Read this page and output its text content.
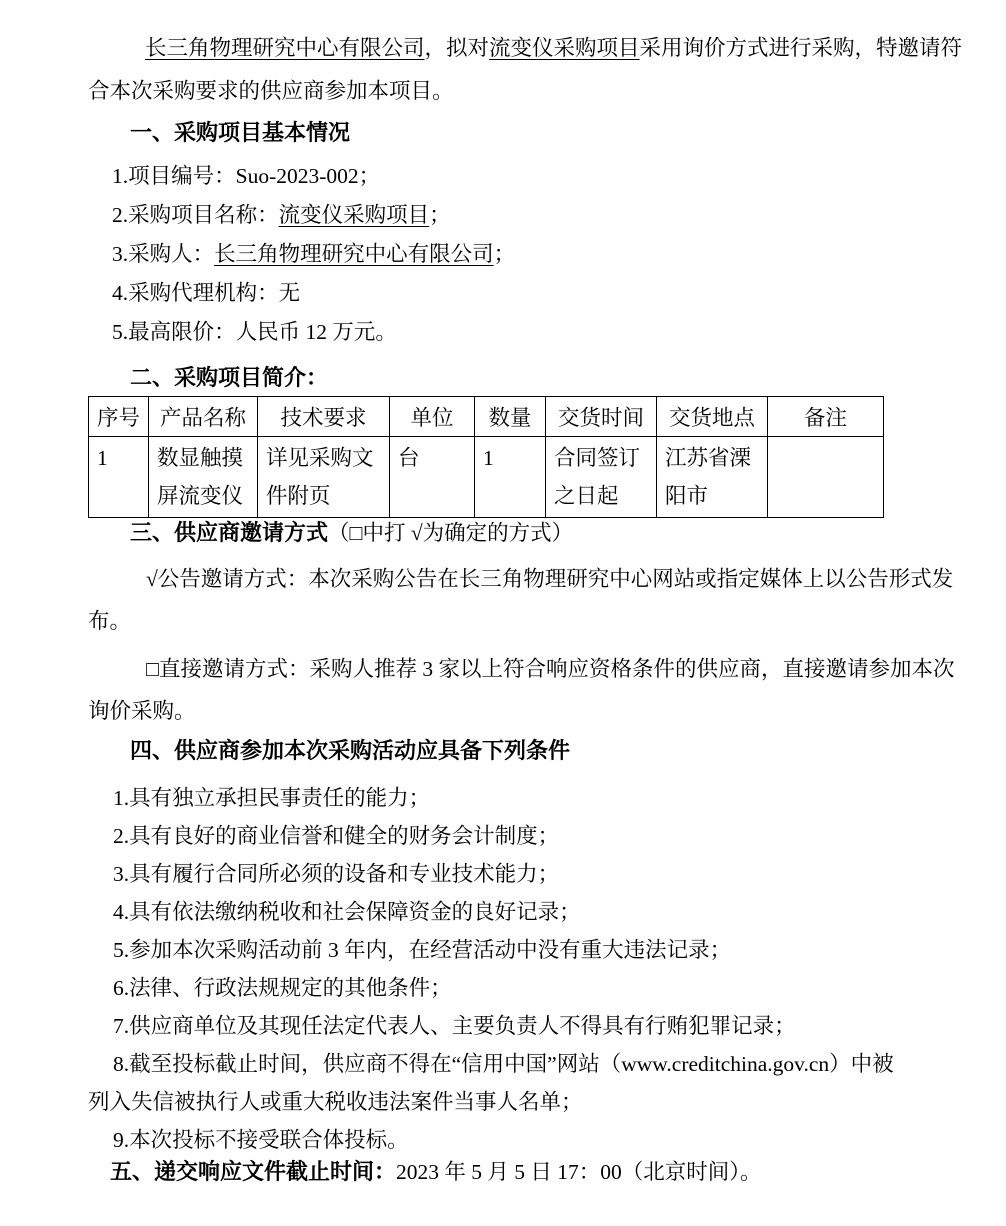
长三角物理研究中心有限公司，拟对流变仪采购项目采用询价方式进行采购，特邀请符
合本次采购要求的供应商参加本项目。

一、采购项目基本情况
1.项目编号：Suo-2023-002；
2.采购项目名称：流变仪采购项目；
3.采购人：长三角物理研究中心有限公司；
4.采购代理机构：无
5.最高限价：人民币 12 万元。
二、采购项目简介：
序号	产品名称	技术要求	单位	数量	交货时间	交货地点	备注
1	数显触摸屏流变仪	详见采购文件附页	台	1	合同签订之日起	江苏省溧阳市	
三、供应商邀请方式（□中打 √为确定的方式）

√公告邀请方式：本次采购公告在长三角物理研究中心网站或指定媒体上以公告形式发
布。

□直接邀请方式：采购人推荐 3 家以上符合响应资格条件的供应商，直接邀请参加本次
询价采购。

四、供应商参加本次采购活动应具备下列条件
1.具有独立承担民事责任的能力；
2.具有良好的商业信誉和健全的财务会计制度；
3.具有履行合同所必须的设备和专业技术能力；
4.具有依法缴纳税收和社会保障资金的良好记录；
5.参加本次采购活动前 3 年内，在经营活动中没有重大违法记录；
6.法律、行政法规规定的其他条件；
7.供应商单位及其现任法定代表人、主要负责人不得具有行贿犯罪记录；
8.截至投标截止时间，供应商不得在“信用中国”网站（www.creditchina.gov.cn）中被
列入失信被执行人或重大税收违法案件当事人名单；
9.本次投标不接受联合体投标。
五、递交响应文件截止时间：2023 年 5 月 5 日 17：00（北京时间）。
